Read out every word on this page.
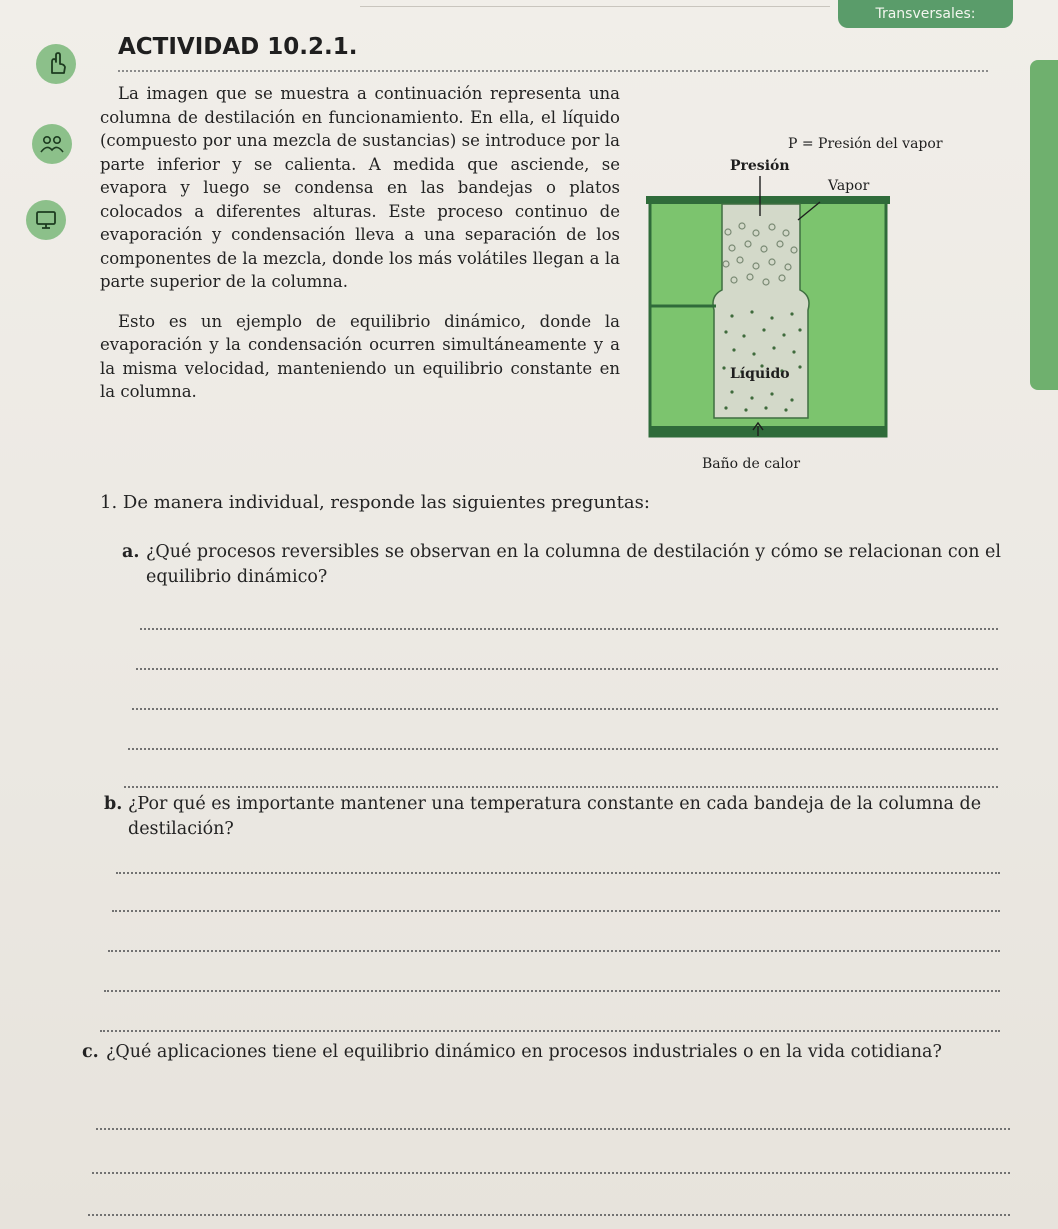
Transversales:
ACTIVIDAD 10.2.1.

La imagen que se muestra a continuación representa una columna de destilación en funcionamiento. En ella, el líquido (compuesto por una mezcla de sustancias) se introduce por la parte inferior y se calienta. A medida que asciende, se evapora y luego se condensa en las bandejas o platos colocados a diferentes alturas. Este proceso continuo de evaporación y condensación lleva a una separación de los componentes de la mezcla, donde los más volátiles llegan a la parte superior de la columna.

Esto es un ejemplo de equilibrio dinámico, donde la evaporación y la condensación ocurren simultáneamente y a la misma velocidad, manteniendo un equilibrio constante en la columna.

P = Presión del vapor
Presión
Vapor
Líquido
Baño de calor
1. De manera individual, responde las siguientes preguntas:
a. ¿Qué procesos reversibles se observan en la columna de destilación y cómo se relacionan con el equilibrio dinámico?
b. ¿Por qué es importante mantener una temperatura constante en cada bandeja de la columna de destilación?
c. ¿Qué aplicaciones tiene el equilibrio dinámico en procesos industriales o en la vida cotidiana?
